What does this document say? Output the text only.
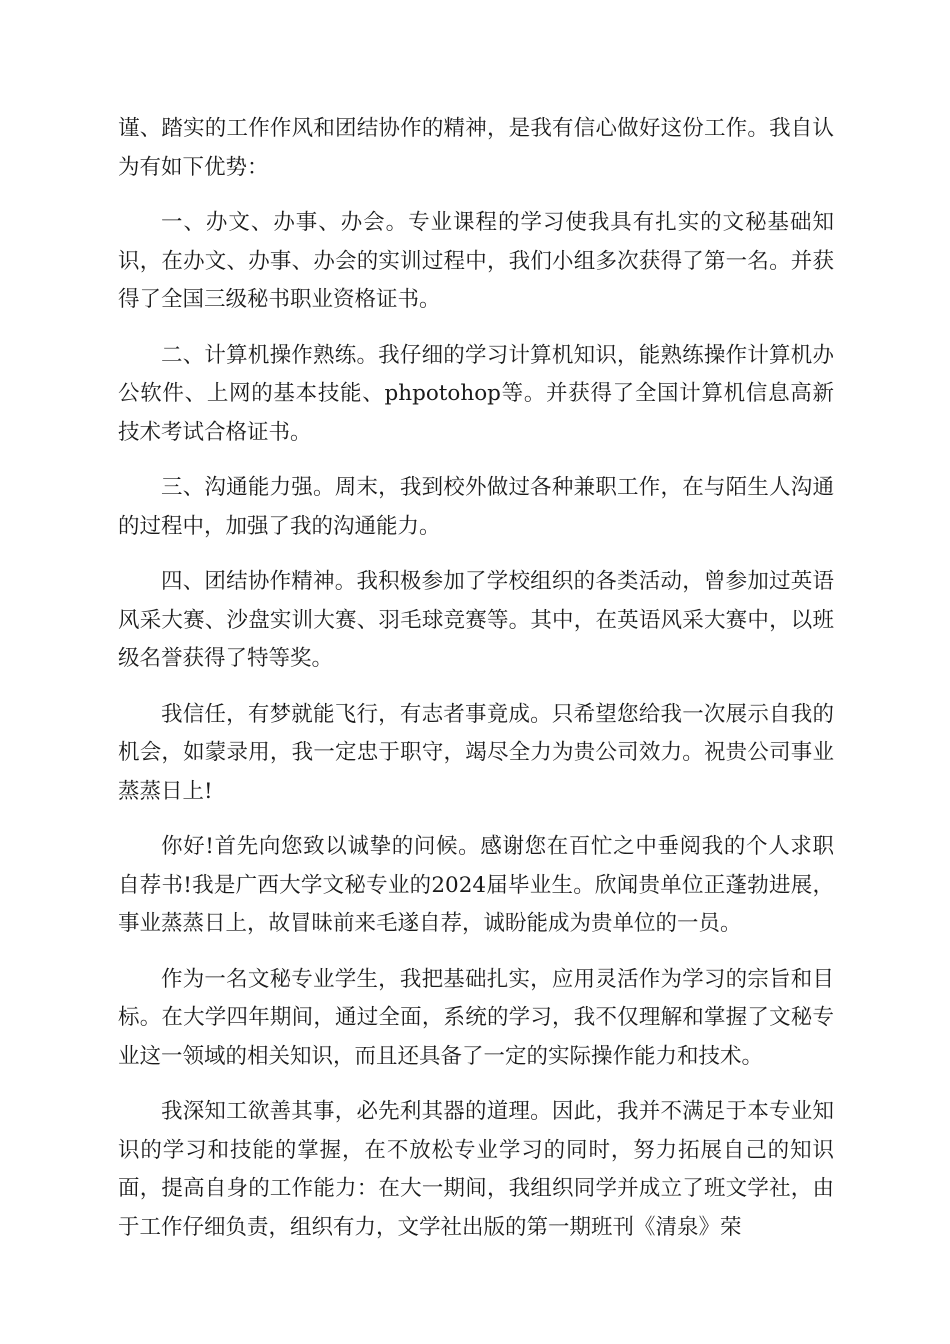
谨、踏实的工作作风和团结协作的精神，是我有信心做好这份工作。我自认为有如下优势：

一、办文、办事、办会。专业课程的学习使我具有扎实的文秘基础知识，在办文、办事、办会的实训过程中，我们小组多次获得了第一名。并获得了全国三级秘书职业资格证书。

二、计算机操作熟练。我仔细的学习计算机知识，能熟练操作计算机办公软件、上网的基本技能、phpotohop等。并获得了全国计算机信息高新技术考试合格证书。

三、沟通能力强。周末，我到校外做过各种兼职工作，在与陌生人沟通的过程中，加强了我的沟通能力。

四、团结协作精神。我积极参加了学校组织的各类活动，曾参加过英语风采大赛、沙盘实训大赛、羽毛球竞赛等。其中，在英语风采大赛中，以班级名誉获得了特等奖。

我信任，有梦就能飞行，有志者事竟成。只希望您给我一次展示自我的机会，如蒙录用，我一定忠于职守，竭尽全力为贵公司效力。祝贵公司事业蒸蒸日上!

你好!首先向您致以诚挚的问候。感谢您在百忙之中垂阅我的个人求职自荐书!我是广西大学文秘专业的2024届毕业生。欣闻贵单位正蓬勃进展，事业蒸蒸日上，故冒昧前来毛遂自荐，诚盼能成为贵单位的一员。

作为一名文秘专业学生，我把基础扎实，应用灵活作为学习的宗旨和目标。在大学四年期间，通过全面，系统的学习，我不仅理解和掌握了文秘专业这一领域的相关知识，而且还具备了一定的实际操作能力和技术。

我深知工欲善其事，必先利其器的道理。因此，我并不满足于本专业知识的学习和技能的掌握，在不放松专业学习的同时，努力拓展自己的知识面，提高自身的工作能力：在大一期间，我组织同学并成立了班文学社，由于工作仔细负责，组织有力，文学社出版的第一期班刊《清泉》荣
